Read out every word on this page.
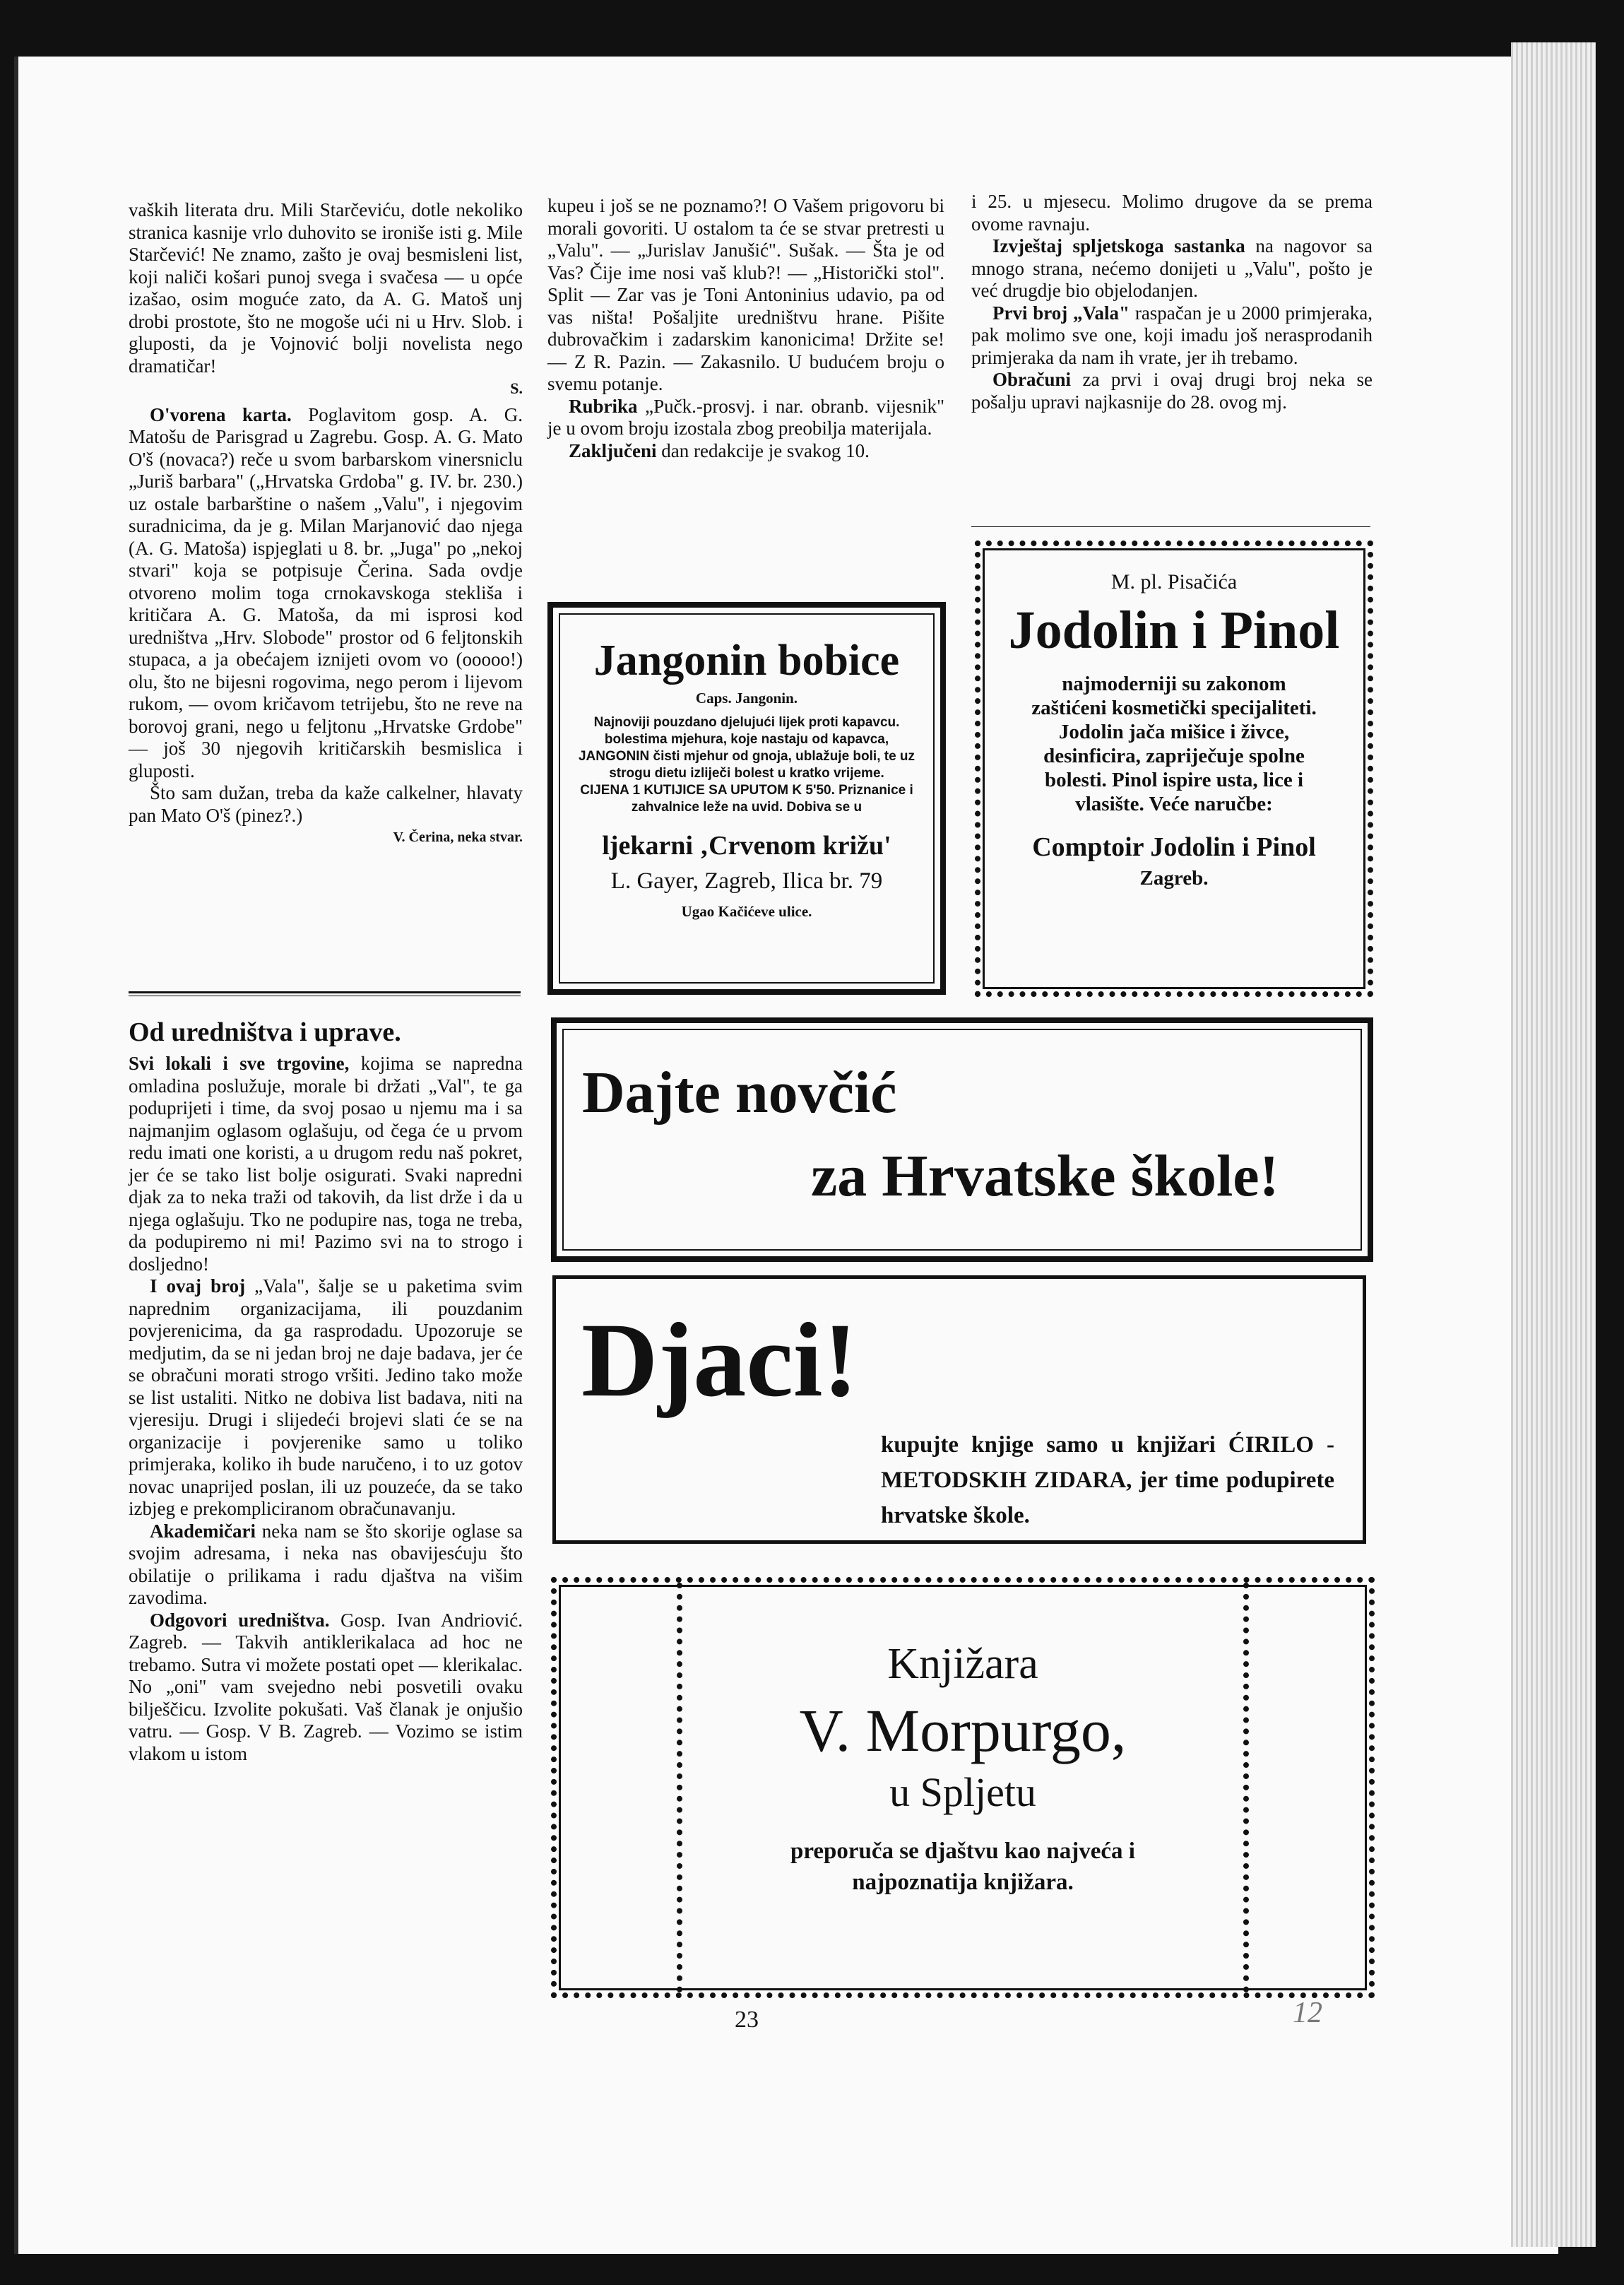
vaških literata dru. Mili Starčeviću, dotle nekoliko stranica kasnije vrlo duhovito se ironiše isti g. Mile Starčević! Ne znamo, zašto je ovaj besmisleni list, koji naliči košari punoj svega i svačesa — u opće izašao, osim moguće zato, da A. G. Matoš unj drobi prostote, što ne mogoše ući ni u Hrv. Slob. i gluposti, da je Vojnović bolji novelista nego dramatičar!

S.

O'vorena karta. Poglavitom gosp. A. G. Matošu de Parisgrad u Zagrebu. Gosp. A. G. Mato O'š (novaca?) reče u svom barbarskom vinersniclu „Juriš barbara" („Hrvatska Grdoba" g. IV. br. 230.) uz ostale barbarštine o našem „Valu", i njegovim suradnicima, da je g. Milan Marjanović dao njega (A. G. Matoša) ispjeglati u 8. br. „Juga" po „nekoj stvari" koja se potpisuje Čerina. Sada ovdje otvoreno molim toga crnokavskoga stekliša i kritičara A. G. Matoša, da mi isprosi kod uredništva „Hrv. Slobode" prostor od 6 feljtonskih stupaca, a ja obećajem iznijeti ovom vo (ooooo!) olu, što ne bijesni rogovima, nego perom i lijevom rukom, — ovom kričavom tetrijebu, što ne reve na borovoj grani, nego u feljtonu „Hrvatske Grdobe" — još 30 njegovih kritičarskih besmislica i gluposti.

Što sam dužan, treba da kaže calkelner, hlavaty pan Mato O'š (pinez?.)

V. Čerina, neka stvar.

Od uredništva i uprave.

Svi lokali i sve trgovine, kojima se napredna omladina poslužuje, morale bi držati „Val", te ga poduprijeti i time, da svoj posao u njemu ma i sa najmanjim oglasom oglašuju, od čega će u prvom redu imati one koristi, a u drugom redu naš pokret, jer će se tako list bolje osigurati. Svaki napredni djak za to neka traži od takovih, da list drže i da u njega oglašuju. Tko ne podupire nas, toga ne treba, da podupiremo ni mi! Pazimo svi na to strogo i dosljedno!

I ovaj broj „Vala", šalje se u paketima svim naprednim organizacijama, ili pouzdanim povjerenicima, da ga rasprodadu. Upozoruje se medjutim, da se ni jedan broj ne daje badava, jer će se obračuni morati strogo vršiti. Jedino tako može se list ustaliti. Nitko ne dobiva list badava, niti na vjeresiju. Drugi i slijedeći brojevi slati će se na organizacije i povjerenike samo u toliko primjeraka, koliko ih bude naručeno, i to uz gotov novac unaprijed poslan, ili uz pouzeće, da se tako izbjeg e prekompliciranom obračunavanju.

Akademičari neka nam se što skorije oglase sa svojim adresama, i neka nas obavijesćuju što obilatije o prilikama i radu djaštva na višim zavodima.

Odgovori uredništva. Gosp. Ivan Andriović. Zagreb. — Takvih antiklerikalaca ad hoc ne trebamo. Sutra vi možete postati opet — klerikalac. No „oni" vam svejedno nebi posvetili ovaku bilješčicu. Izvolite pokušati. Vaš članak je onjušio vatru. — Gosp. V B. Zagreb. — Vozimo se istim vlakom u istom

kupeu i još se ne poznamo?! O Vašem prigovoru bi morali govoriti. U ostalom ta će se stvar pretresti u „Valu". — „Jurislav Janušić". Sušak. — Šta je od Vas? Čije ime nosi vaš klub?! — „Historički stol". Split — Zar vas je Toni Antoninius udavio, pa od vas ništa! Pošaljite uredništvu hrane. Pišite dubrovačkim i zadarskim kanonicima! Držite se! — Z R. Pazin. — Zakasnilo. U budućem broju o svemu potanje.

Rubrika „Pučk.-prosvj. i nar. obranb. vijesnik" je u ovom broju izostala zbog preobilja materijala.

Zaključeni dan redakcije je svakog 10.

i 25. u mjesecu. Molimo drugove da se prema ovome ravnaju.

Izvještaj spljetskoga sastanka na nagovor sa mnogo strana, nećemo donijeti u „Valu", pošto je već drugdje bio objelodanjen.

Prvi broj „Vala" raspačan je u 2000 primjeraka, pak molimo sve one, koji imadu još nerasprodanih primjeraka da nam ih vrate, jer ih trebamo.

Obračuni za prvi i ovaj drugi broj neka se pošalju upravi najkasnije do 28. ovog mj.

Jangonin bobice
Caps. Jangonin.
Najnoviji pouzdano djelujući lijek proti kapavcu. bolestima mjehura, koje nastaju od kapavca, JANGONIN čisti mjehur od gnoja, ublažuje boli, te uz strogu dietu izliječi bolest u kratko vrijeme.
CIJENA 1 KUTIJICE SA UPUTOM K 5'50. Priznanice i zahvalnice leže na uvid. Dobiva se u
ljekarni ‚Crvenom križu'
L. Gayer, Zagreb, Ilica br. 79
Ugao Kačićeve ulice.
M. pl. Pisačića
Jodolin i Pinol
najmoderniji su zakonom zaštićeni kosmetički specijaliteti. Jodolin jača mišice i živce, desinficira, zapriječuje spolne bolesti. Pinol ispire usta, lice i vlasište. Veće naručbe:
Comptoir Jodolin i Pinol
Zagreb.
Dajte novčić
za Hrvatske škole!
Djaci!
kupujte knjige samo u knjižari ĆIRILO - METODSKIH ZIDARA, jer time podupirete hrvatske škole.
Knjižara
V. Morpurgo,
u Spljetu
preporuča se djaštvu kao najveća i najpoznatija knjižara.
23	12
